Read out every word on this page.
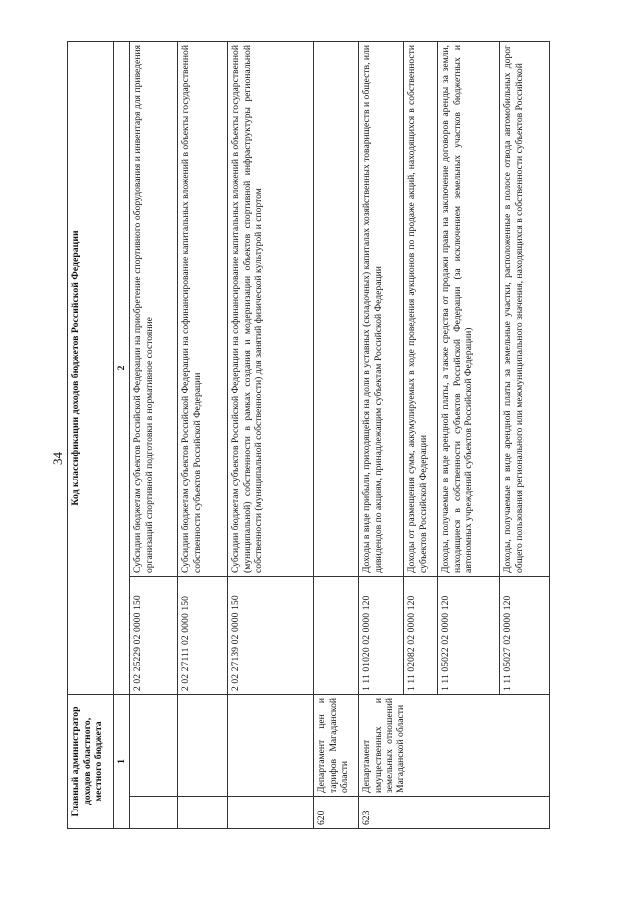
34
Главный администратор доходов областного, местного бюджета		Код классификации доходов бюджетов Российской Федерации	
1		2	
		2 02 25229 02 0000 150	Субсидии бюджетам субъектов Российской Федерации на приобретение спортивного оборудования и инвентаря для приведения организаций спортивной подготовки в нормативное состояние
		2 02 27111 02 0000 150	Субсидии бюджетам субъектов Российской Федерации на софинансирование капитальных вложений в объекты государственной собственности субъектов Российской Федерации
		2 02 27139 02 0000 150	Субсидии бюджетам субъектов Российской Федерации на софинансирование капитальных вложений в объекты государственной (муниципальной) собственности в рамках создания и модернизации объектов спортивной инфраструктуры региональной собственности (муниципальной собственности) для занятий физической культурой и спортом
620	Департамент цен и тарифов Магаданской области		
623	Департамент имущественных и земельных отношений Магаданской области	1 11 01020 02 0000 120	Доходы в виде прибыли, приходящейся на доли в уставных (складочных) капиталах хозяйственных товариществ и обществ, или дивидендов по акциям, принадлежащим субъектам Российской Федерации
		1 11 02082 02 0000 120	Доходы от размещения сумм, аккумулируемых в ходе проведения аукционов по продаже акций, находящихся в собственности субъектов Российской Федерации
		1 11 05022 02 0000 120	Доходы, получаемые в виде арендной платы, а также средства от продажи права на заключение договоров аренды за земли, находящиеся в собственности субъектов Российской Федерации (за исключением земельных участков бюджетных и автономных учреждений субъектов Российской Федерации)
		1 11 05027 02 0000 120	Доходы, получаемые в виде арендной платы за земельные участки, расположенные в полосе отвода автомобильных дорог общего пользования регионального или межмуниципального значения, находящихся в собственности субъектов Российской
